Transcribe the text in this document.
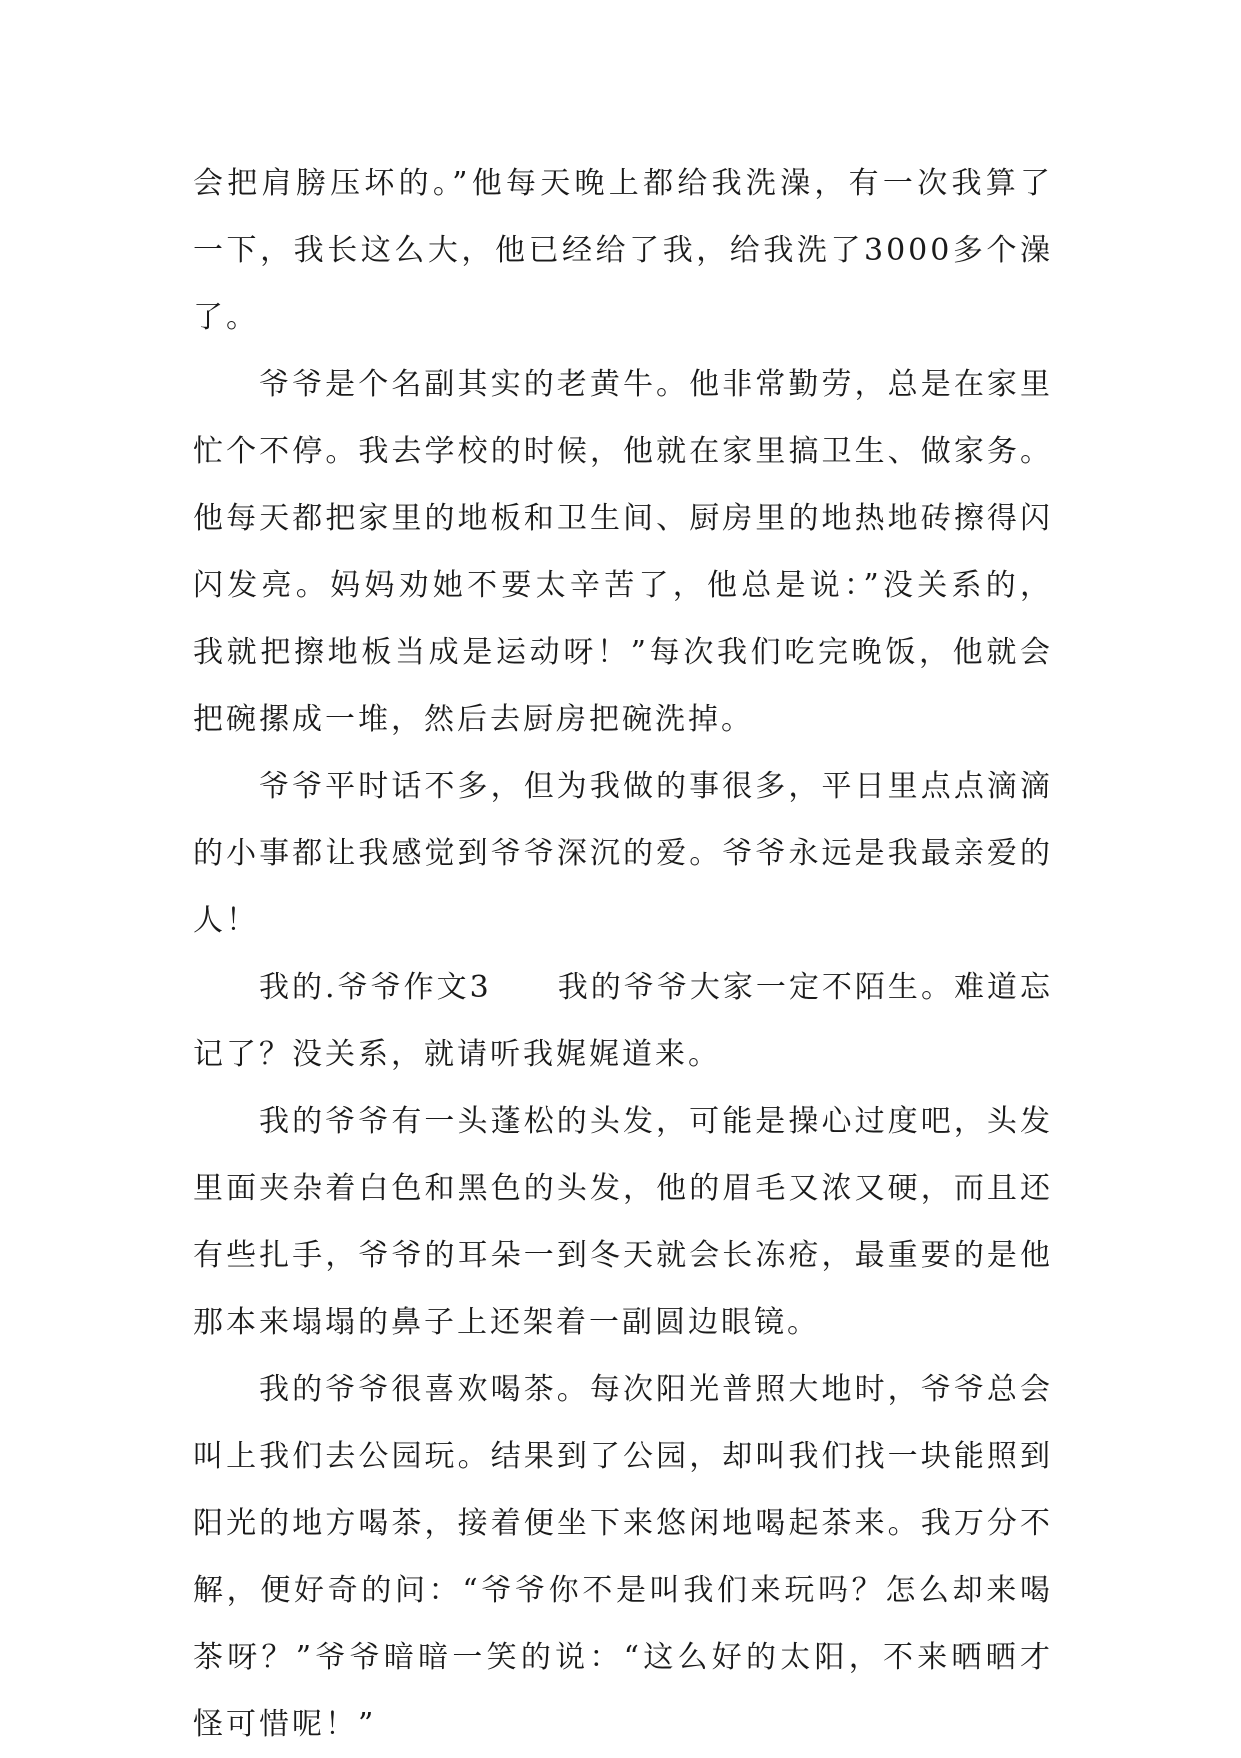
会把肩膀压坏的。”他每天晚上都给我洗澡，有一次我算了一下，我长这么大，他已经给了我，给我洗了3000多个澡了。

爷爷是个名副其实的老黄牛。他非常勤劳，总是在家里忙个不停。我去学校的时候，他就在家里搞卫生、做家务。他每天都把家里的地板和卫生间、厨房里的地热地砖擦得闪闪发亮。妈妈劝她不要太辛苦了，他总是说：”没关系的，我就把擦地板当成是运动呀！”每次我们吃完晚饭，他就会把碗摞成一堆，然后去厨房把碗洗掉。

爷爷平时话不多，但为我做的事很多，平日里点点滴滴的小事都让我感觉到爷爷深沉的爱。爷爷永远是我最亲爱的人！

我的.爷爷作文3　　我的爷爷大家一定不陌生。难道忘记了？没关系，就请听我娓娓道来。

我的爷爷有一头蓬松的头发，可能是操心过度吧，头发里面夹杂着白色和黑色的头发，他的眉毛又浓又硬，而且还有些扎手，爷爷的耳朵一到冬天就会长冻疮，最重要的是他那本来塌塌的鼻子上还架着一副圆边眼镜。

我的爷爷很喜欢喝茶。每次阳光普照大地时，爷爷总会叫上我们去公园玩。结果到了公园，却叫我们找一块能照到阳光的地方喝茶，接着便坐下来悠闲地喝起茶来。我万分不解，便好奇的问：“爷爷你不是叫我们来玩吗？怎么却来喝茶呀？”爷爷暗暗一笑的说：“这么好的太阳，不来晒晒才怪可惜呢！”
